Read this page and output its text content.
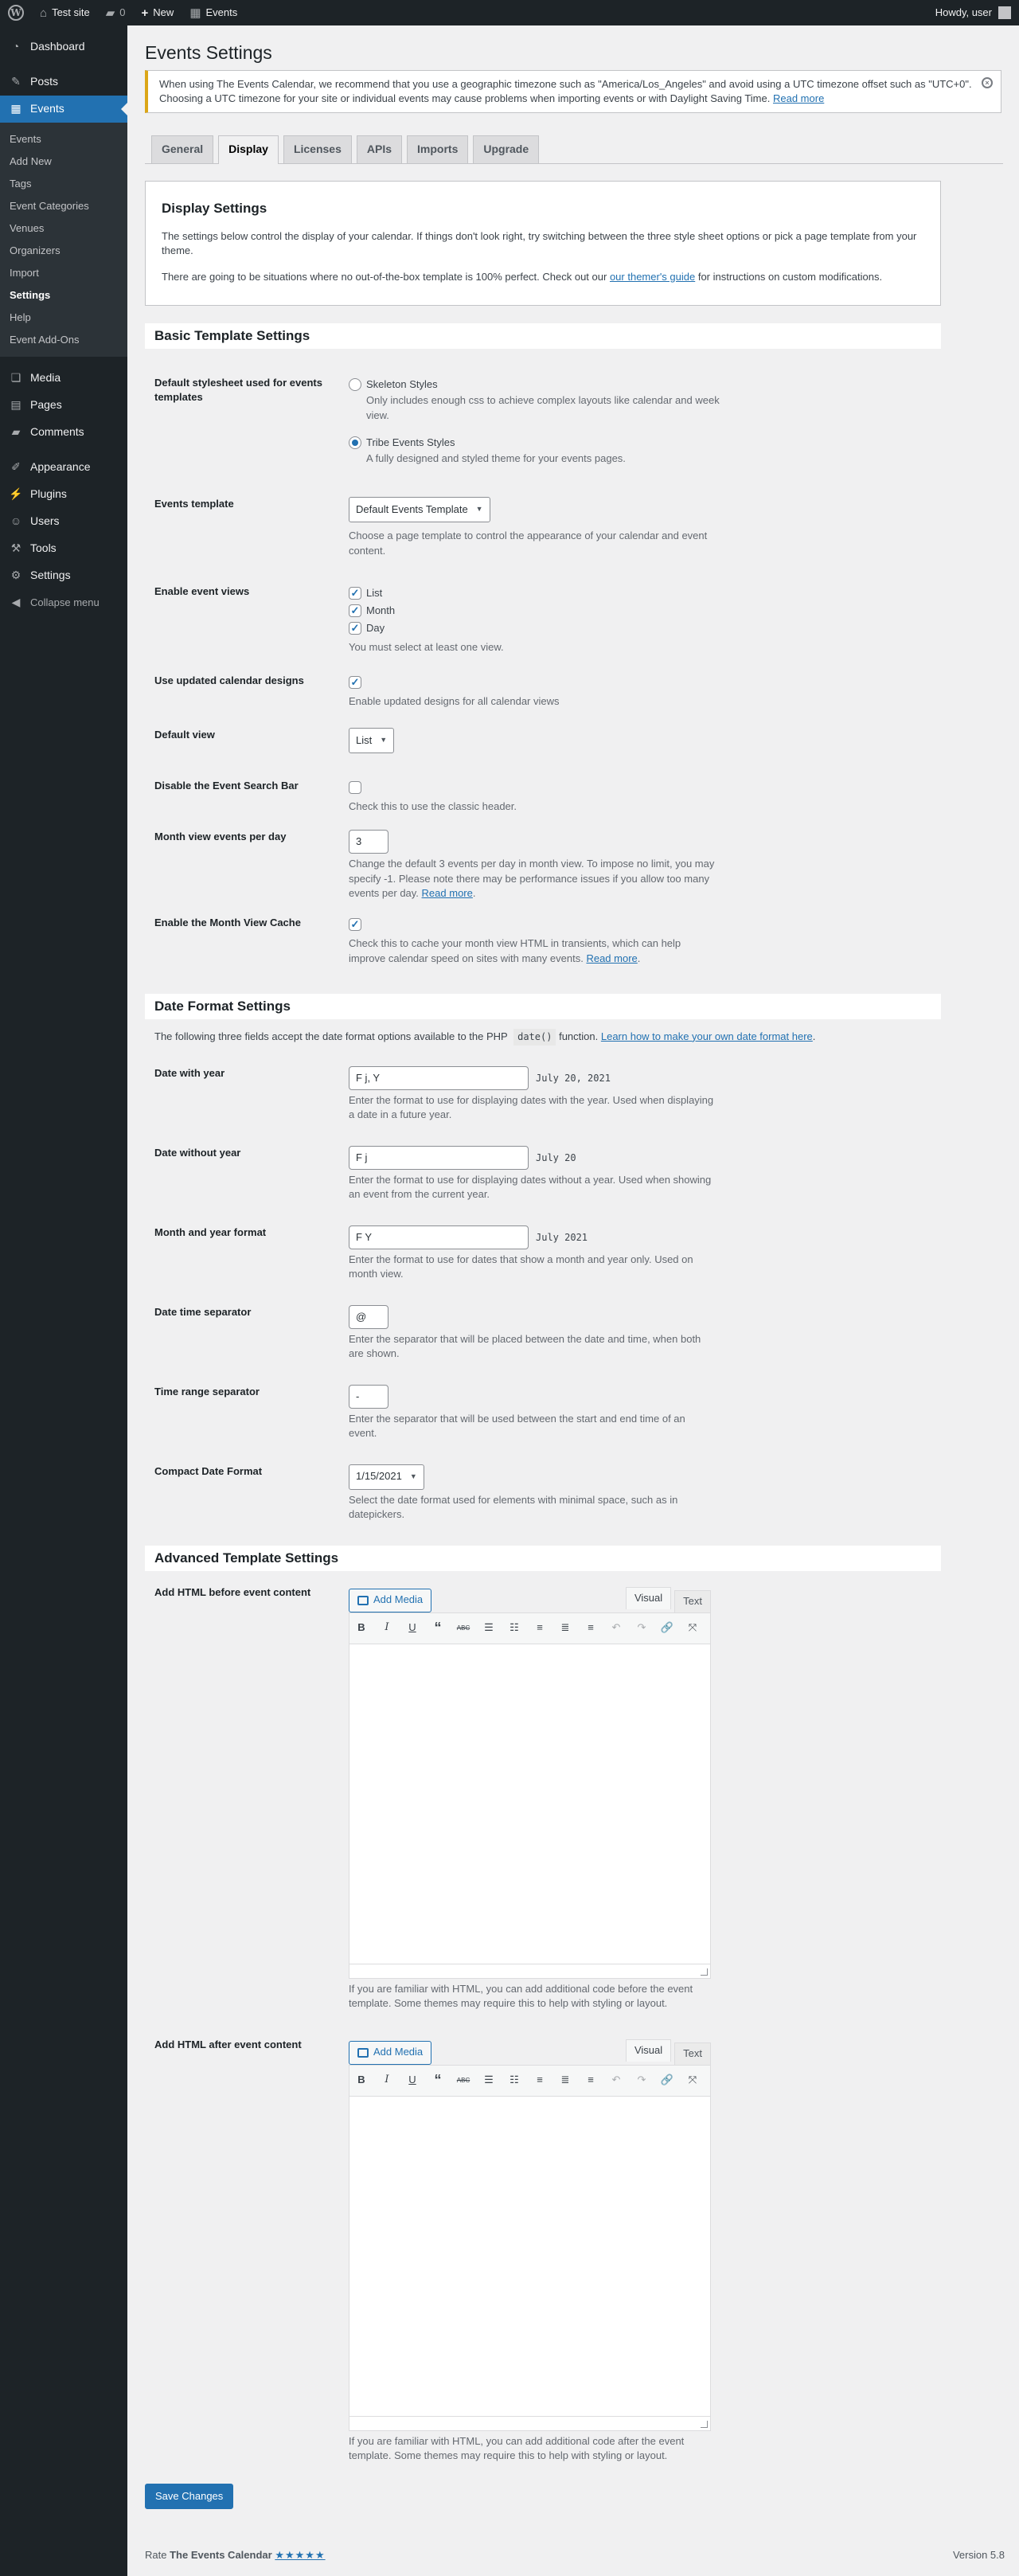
W ⌂ Test site ▰ 0 + New ▦ Events	Howdy, user
◔ Dashboard
✎ Posts
▦ Events
Events
Add New
Tags
Event Categories
Venues
Organizers
Import
Settings
Help
Event Add-Ons
❏ Media
▤ Pages
▰ Comments
✐ Appearance
⚡ Plugins
☺ Users
⚒ Tools
⚙ Settings
◀ Collapse menu
Events Settings

When using The Events Calendar, we recommend that you use a geographic timezone such as "America/Los_Angeles" and avoid using a UTC timezone offset such as "UTC+0".

Choosing a UTC timezone for your site or individual events may cause problems when importing events or with Daylight Saving Time. Read more

×
General	Display	Licenses	APIs	Imports	Upgrade
Display Settings

The settings below control the display of your calendar. If things don't look right, try switching between the three style sheet options or pick a page template from your theme.

There are going to be situations where no out-of-the-box template is 100% perfect. Check out our our themer's guide for instructions on custom modifications.

Basic Template Settings
Default stylesheet used for events templates
Skeleton Styles
Only includes enough css to achieve complex layouts like calendar and week view.
Tribe Events Styles
A fully designed and styled theme for your events pages.
Events template	Default Events Template ▼
Choose a page template to control the appearance of your calendar and event content.
Enable event views	✓ List
✓ Month
✓ Day
You must select at least one view.
Use updated calendar designs	✓
Enable updated designs for all calendar views
Default view	List ▼
Disable the Event Search Bar
Check this to use the classic header.
Month view events per day	3
Change the default 3 events per day in month view. To impose no limit, you may specify -1. Please note there may be performance issues if you allow too many events per day. Read more.
Enable the Month View Cache	✓
Check this to cache your month view HTML in transients, which can help improve calendar speed on sites with many events. Read more.
Date Format Settings
The following three fields accept the date format options available to the PHP date() function. Learn how to make your own date format here.
Date with year	F j, Y	July 20, 2021
Enter the format to use for displaying dates with the year. Used when displaying a date in a future year.
Date without year	F j	July 20
Enter the format to use for displaying dates without a year. Used when showing an event from the current year.
Month and year format	F Y	July 2021
Enter the format to use for dates that show a month and year only. Used on month view.
Date time separator	@
Enter the separator that will be placed between the date and time, when both are shown.
Time range separator	-
Enter the separator that will be used between the start and end time of an event.
Compact Date Format	1/15/2021 ▼
Select the date format used for elements with minimal space, such as in datepickers.
Advanced Template Settings
Add HTML before event content
Add Media	Visual	Text
B	I	U “	ABC ☰ ☷	≡	≣	≡	↶ ↷ 🔗 ⤧
If you are familiar with HTML, you can add additional code before the event template. Some themes may require this to help with styling or layout.
Add HTML after event content
Add Media	Visual	Text
B	I	U “	ABC ☰ ☷	≡	≣	≡	↶ ↷ 🔗 ⤧
If you are familiar with HTML, you can add additional code after the event template. Some themes may require this to help with styling or layout.
Save Changes
Rate The Events Calendar ★★★★★	Version 5.8
